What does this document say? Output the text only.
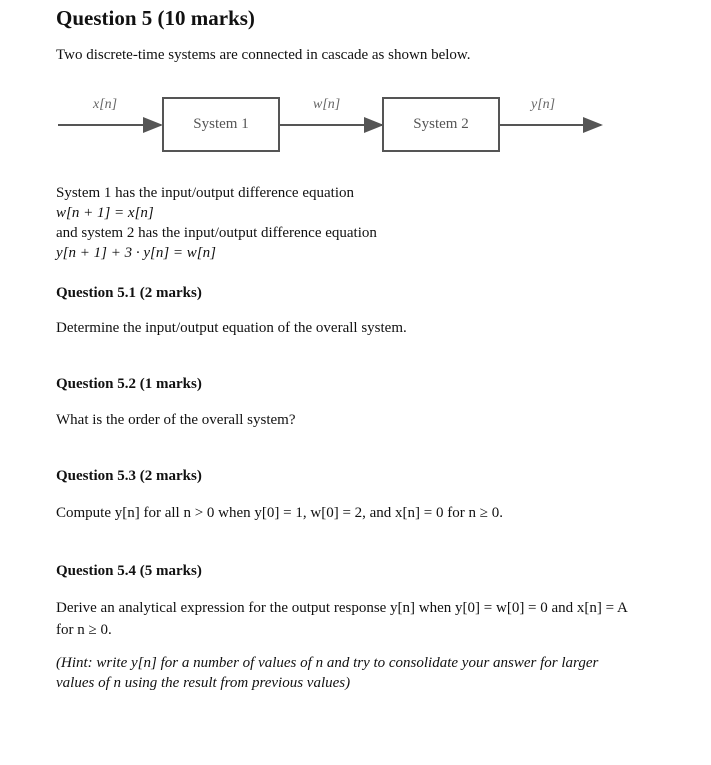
Question 5 (10 marks)
Two discrete-time systems are connected in cascade as shown below.
x[n]	w[n]	y[n]
System 1	System 2
System 1 has the input/output difference equation
w[n + 1] = x[n]
and system 2 has the input/output difference equation
y[n + 1] + 3 · y[n] = w[n]
Question 5.1 (2 marks)
Determine the input/output equation of the overall system.
Question 5.2 (1 marks)
What is the order of the overall system?
Question 5.3 (2 marks)
Compute y[n] for all n > 0 when y[0] = 1, w[0] = 2, and x[n] = 0 for n ≥ 0.
Question 5.4 (5 marks)
Derive an analytical expression for the output response y[n] when y[0] = w[0] = 0 and x[n] = A
for n ≥ 0.
(Hint: write y[n] for a number of values of n and try to consolidate your answer for larger
values of n using the result from previous values)
